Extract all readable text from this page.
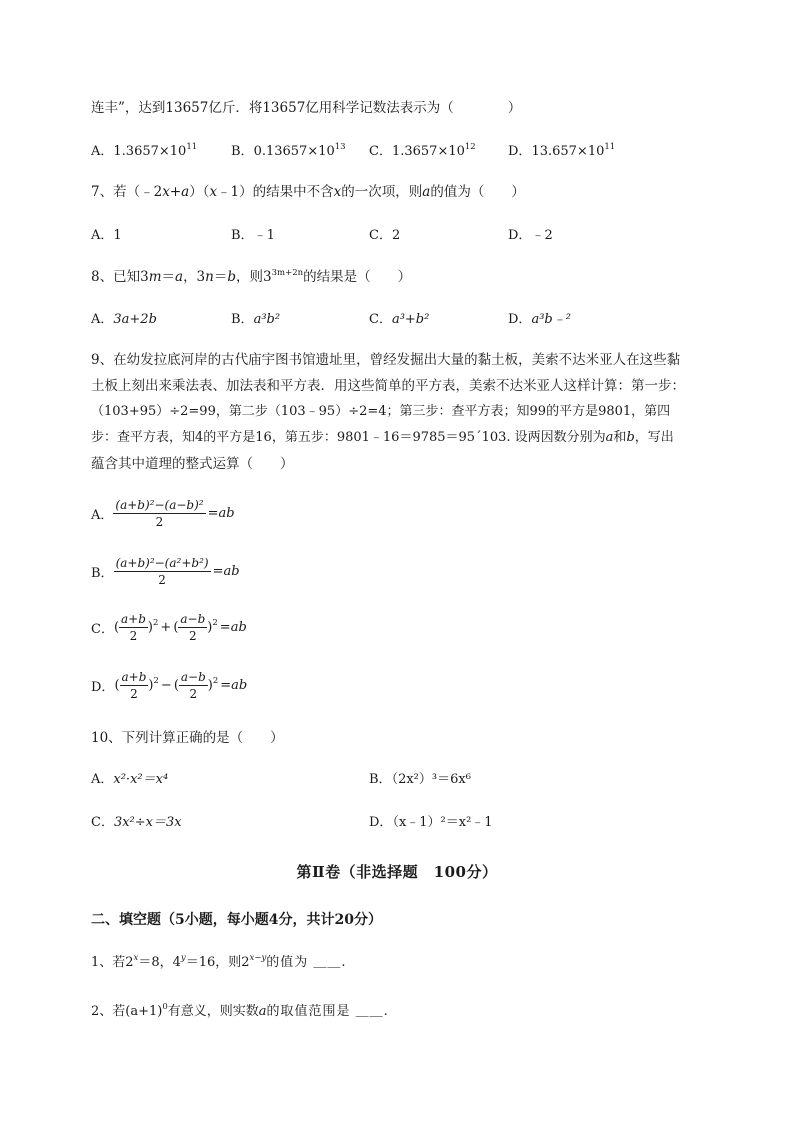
连丰”，达到13657亿斤．将13657亿用科学记数法表示为（　　　　）
A．$1.3657\times 10^{11}$	B．$0.13657\times 10^{13}$ C．$1.3657\times 10^{12}$ D．$13.657\times 10^{11}$
7、若（﹣2x+a）（x﹣1）的结果中不含x的一次项，则a的值为（　　）
A．1	B．﹣1	C．2	D．﹣2
8、已知3m＝a，3n＝b，则$3^{3m+2n}$的结果是（　　）
A．3a+2b	B．a³b²	C．a³+b²	D．a³b﹣²
9、在幼发拉底河岸的古代庙宇图书馆遗址里，曾经发掘出大量的黏土板，美索不达米亚人在这些黏
土板上刻出来乘法表、加法表和平方表．用这些简单的平方表，美索不达米亚人这样计算：第一步：
（103+95）÷2=99，第二步（103﹣95）÷2=4；第三步：查平方表；知99的平方是9801，第四
步：查平方表，知4的平方是16，第五步：9801﹣16＝9785＝95´103. 设两因数分别为a和b，写出
蕴含其中道理的整式运算（　　）
A． $\frac{\text{(a+b)²−(a−b)²}}{2} =ab$
B． $\frac{\text{(a+b)²−(a²+b²)}}{2} =ab$
C． ( $\frac{a+b}{2} )^2$ + ( $\frac{a-b}{2} )^2 =ab$
D． ( $\frac{a+b}{2} )^2$ − ( $\frac{a-b}{2} )^2 =ab$
10、下列计算正确的是（　　）
A．x²·x²＝x⁴	B．（2x²）³＝6x⁶
C．3x²÷x＝3x	D．（x﹣1）²＝x²﹣1
第Ⅱ卷（非选择题　100分）
二、填空题（5小题，每小题4分，共计20分）
1、若$2^x=8$，$4^y=16$，则$2^{x-y}$的值为 ＿＿.
2、若$(a+1)^0$有意义，则实数a的取值范围是 ＿＿.
